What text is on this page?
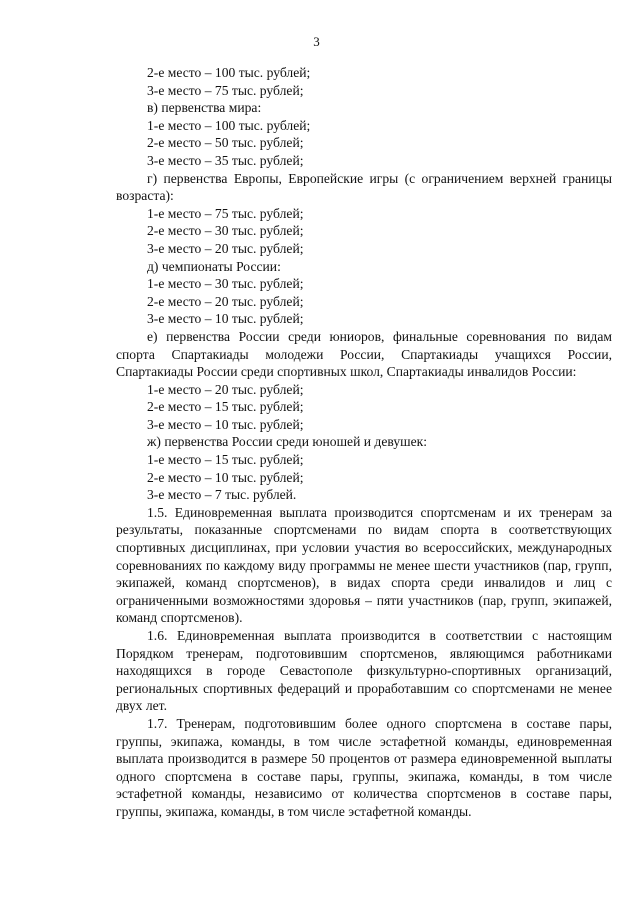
3

2-е место – 100 тыс. рублей;

3-е место – 75 тыс. рублей;

в) первенства мира:

1-е место – 100 тыс. рублей;

2-е место – 50 тыс. рублей;

3-е место – 35 тыс. рублей;

г) первенства Европы, Европейские игры (с ограничением верхней границы возраста):

1-е место – 75 тыс. рублей;

2-е место – 30 тыс. рублей;

3-е место – 20 тыс. рублей;

д) чемпионаты России:

1-е место – 30 тыс. рублей;

2-е место – 20 тыс. рублей;

3-е место – 10 тыс. рублей;

е) первенства России среди юниоров, финальные соревнования по видам спорта Спартакиады молодежи России, Спартакиады учащихся России, Спартакиады России среди спортивных школ, Спартакиады инвалидов России:

1-е место – 20 тыс. рублей;

2-е место – 15 тыс. рублей;

3-е место – 10 тыс. рублей;

ж) первенства России среди юношей и девушек:

1-е место – 15 тыс. рублей;

2-е место – 10 тыс. рублей;

3-е место – 7 тыс. рублей.

1.5. Единовременная выплата производится спортсменам и их тренерам за результаты, показанные спортсменами по видам спорта в соответствующих спортивных дисциплинах, при условии участия во всероссийских, международных соревнованиях по каждому виду программы не менее шести участников (пар, групп, экипажей, команд спортсменов), в видах спорта среди инвалидов и лиц с ограниченными возможностями здоровья – пяти участников (пар, групп, экипажей, команд спортсменов).

1.6. Единовременная выплата производится в соответствии с настоящим Порядком тренерам, подготовившим спортсменов, являющимся работниками находящихся в городе Севастополе физкультурно-спортивных организаций, региональных спортивных федераций и проработавшим со спортсменами не менее двух лет.

1.7. Тренерам, подготовившим более одного спортсмена в составе пары, группы, экипажа, команды, в том числе эстафетной команды, единовременная выплата производится в размере 50 процентов от размера единовременной выплаты одного спортсмена в составе пары, группы, экипажа, команды, в том числе эстафетной команды, независимо от количества спортсменов в составе пары, группы, экипажа, команды, в том числе эстафетной команды.
